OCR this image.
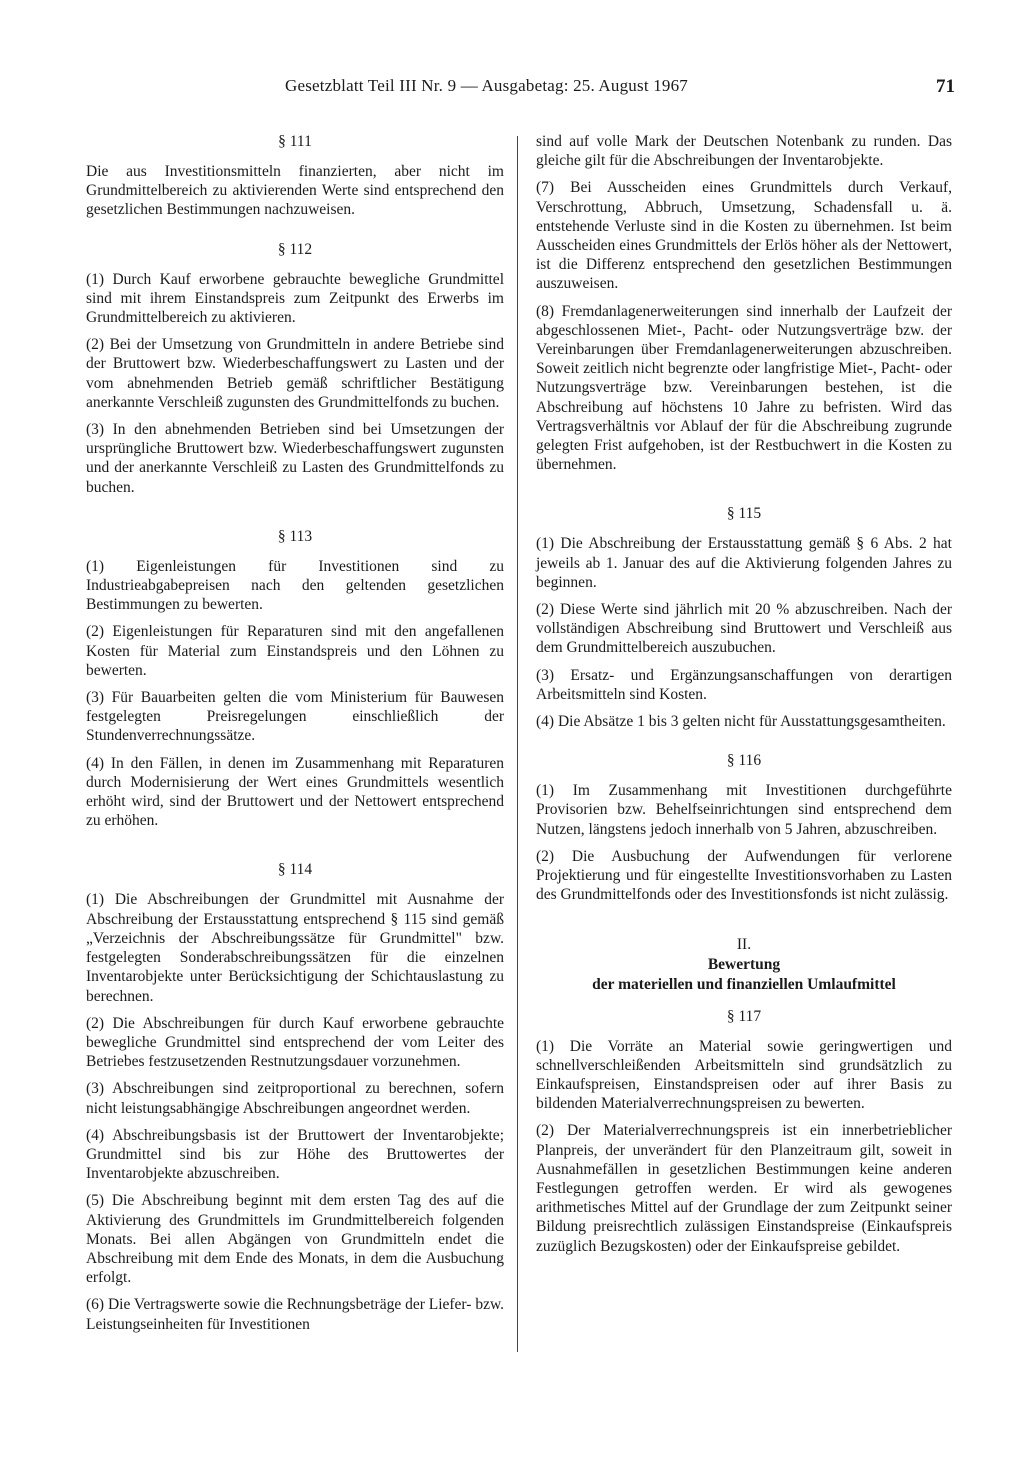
Gesetzblatt Teil III Nr. 9 — Ausgabetag: 25. August 1967	71
§ 111

Die aus Investitionsmitteln finanzierten, aber nicht im Grundmittelbereich zu aktivierenden Werte sind entsprechend den gesetzlichen Bestimmungen nachzuweisen.

§ 112

(1) Durch Kauf erworbene gebrauchte bewegliche Grundmittel sind mit ihrem Einstandspreis zum Zeitpunkt des Erwerbs im Grundmittelbereich zu aktivieren.

(2) Bei der Umsetzung von Grundmitteln in andere Betriebe sind der Bruttowert bzw. Wiederbeschaffungswert zu Lasten und der vom abnehmenden Betrieb gemäß schriftlicher Bestätigung anerkannte Verschleiß zugunsten des Grundmittelfonds zu buchen.

(3) In den abnehmenden Betrieben sind bei Umsetzungen der ursprüngliche Bruttowert bzw. Wiederbeschaffungswert zugunsten und der anerkannte Verschleiß zu Lasten des Grundmittelfonds zu buchen.

§ 113

(1) Eigenleistungen für Investitionen sind zu Industrieabgabepreisen nach den geltenden gesetzlichen Bestimmungen zu bewerten.

(2) Eigenleistungen für Reparaturen sind mit den angefallenen Kosten für Material zum Einstandspreis und den Löhnen zu bewerten.

(3) Für Bauarbeiten gelten die vom Ministerium für Bauwesen festgelegten Preisregelungen einschließlich der Stundenverrechnungssätze.

(4) In den Fällen, in denen im Zusammenhang mit Reparaturen durch Modernisierung der Wert eines Grundmittels wesentlich erhöht wird, sind der Bruttowert und der Nettowert entsprechend zu erhöhen.

§ 114

(1) Die Abschreibungen der Grundmittel mit Ausnahme der Abschreibung der Erstausstattung entsprechend § 115 sind gemäß „Verzeichnis der Abschreibungssätze für Grundmittel" bzw. festgelegten Sonderabschreibungssätzen für die einzelnen Inventarobjekte unter Berücksichtigung der Schichtauslastung zu berechnen.

(2) Die Abschreibungen für durch Kauf erworbene gebrauchte bewegliche Grundmittel sind entsprechend der vom Leiter des Betriebes festzusetzenden Restnutzungsdauer vorzunehmen.

(3) Abschreibungen sind zeitproportional zu berechnen, sofern nicht leistungsabhängige Abschreibungen angeordnet werden.

(4) Abschreibungsbasis ist der Bruttowert der Inventarobjekte; Grundmittel sind bis zur Höhe des Bruttowertes der Inventarobjekte abzuschreiben.

(5) Die Abschreibung beginnt mit dem ersten Tag des auf die Aktivierung des Grundmittels im Grundmittelbereich folgenden Monats. Bei allen Abgängen von Grundmitteln endet die Abschreibung mit dem Ende des Monats, in dem die Ausbuchung erfolgt.

(6) Die Vertragswerte sowie die Rechnungsbeträge der Liefer- bzw. Leistungseinheiten für Investitionen

sind auf volle Mark der Deutschen Notenbank zu runden. Das gleiche gilt für die Abschreibungen der Inventarobjekte.

(7) Bei Ausscheiden eines Grundmittels durch Verkauf, Verschrottung, Abbruch, Umsetzung, Schadensfall u. ä. entstehende Verluste sind in die Kosten zu übernehmen. Ist beim Ausscheiden eines Grundmittels der Erlös höher als der Nettowert, ist die Differenz entsprechend den gesetzlichen Bestimmungen auszuweisen.

(8) Fremdanlagenerweiterungen sind innerhalb der Laufzeit der abgeschlossenen Miet-, Pacht- oder Nutzungsverträge bzw. der Vereinbarungen über Fremdanlagenerweiterungen abzuschreiben. Soweit zeitlich nicht begrenzte oder langfristige Miet-, Pacht- oder Nutzungsverträge bzw. Vereinbarungen bestehen, ist die Abschreibung auf höchstens 10 Jahre zu befristen. Wird das Vertragsverhältnis vor Ablauf der für die Abschreibung zugrunde gelegten Frist aufgehoben, ist der Restbuchwert in die Kosten zu übernehmen.

§ 115

(1) Die Abschreibung der Erstausstattung gemäß § 6 Abs. 2 hat jeweils ab 1. Januar des auf die Aktivierung folgenden Jahres zu beginnen.

(2) Diese Werte sind jährlich mit 20 % abzuschreiben. Nach der vollständigen Abschreibung sind Bruttowert und Verschleiß aus dem Grundmittelbereich auszubuchen.

(3) Ersatz- und Ergänzungsanschaffungen von derartigen Arbeitsmitteln sind Kosten.

(4) Die Absätze 1 bis 3 gelten nicht für Ausstattungsgesamtheiten.

§ 116

(1) Im Zusammenhang mit Investitionen durchgeführte Provisorien bzw. Behelfseinrichtungen sind entsprechend dem Nutzen, längstens jedoch innerhalb von 5 Jahren, abzuschreiben.

(2) Die Ausbuchung der Aufwendungen für verlorene Projektierung und für eingestellte Investitionsvorhaben zu Lasten des Grundmittelfonds oder des Investitionsfonds ist nicht zulässig.

II.
Bewertung
der materiellen und finanziellen Umlaufmittel
§ 117

(1) Die Vorräte an Material sowie geringwertigen und schnellverschleißenden Arbeitsmitteln sind grundsätzlich zu Einkaufspreisen, Einstandspreisen oder auf ihrer Basis zu bildenden Materialverrechnungspreisen zu bewerten.

(2) Der Materialverrechnungspreis ist ein innerbetrieblicher Planpreis, der unverändert für den Planzeitraum gilt, soweit in Ausnahmefällen in gesetzlichen Bestimmungen keine anderen Festlegungen getroffen werden. Er wird als gewogenes arithmetisches Mittel auf der Grundlage der zum Zeitpunkt seiner Bildung preisrechtlich zulässigen Einstandspreise (Einkaufspreis zuzüglich Bezugskosten) oder der Einkaufspreise gebildet.
